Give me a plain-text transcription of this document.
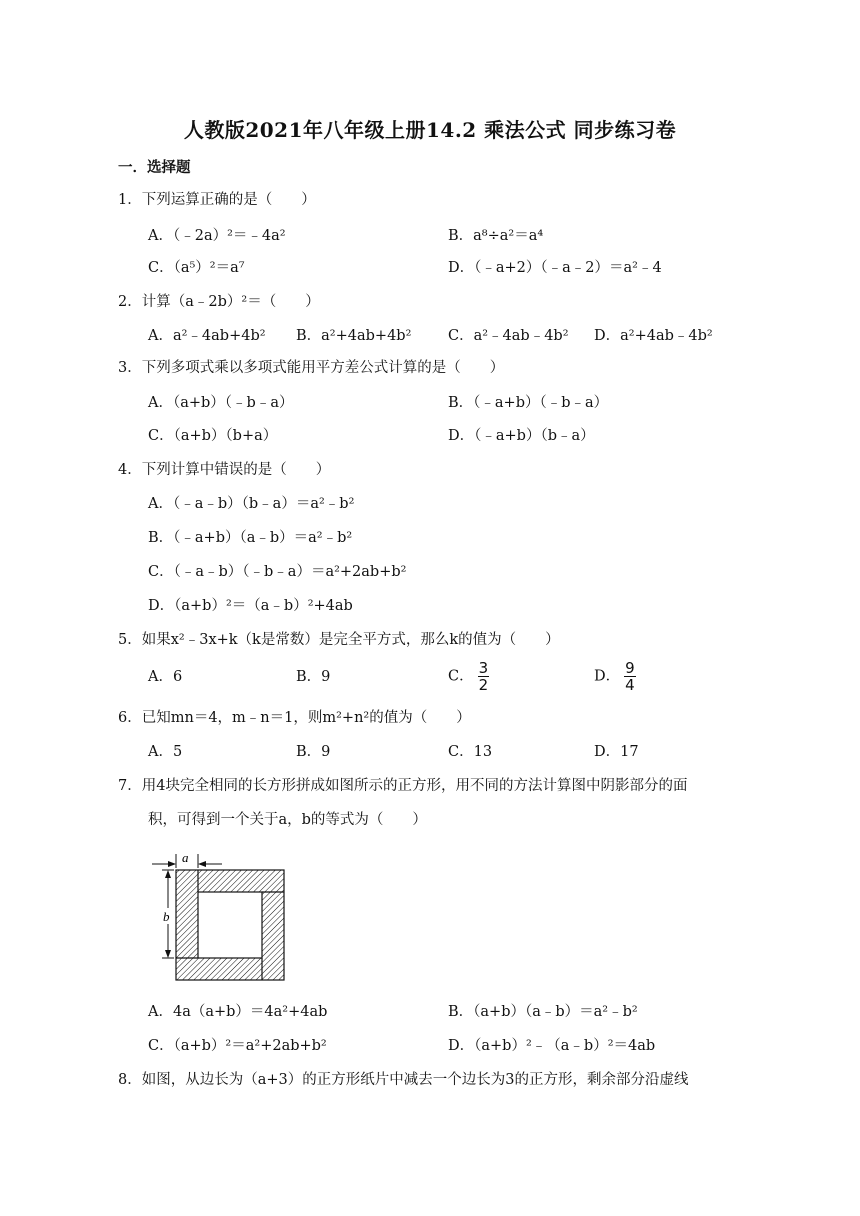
人教版2021年八年级上册14.2 乘法公式 同步练习卷
一．选择题
1．下列运算正确的是（　　）
A．（﹣2a）²＝﹣4a²	B．a⁸÷a²＝a⁴
C．（a⁵）²＝a⁷	D．（﹣a+2）（﹣a﹣2）＝a²﹣4
2．计算（a﹣2b）²＝（　　）
A．a²﹣4ab+4b² B．a²+4ab+4b²	C．a²﹣4ab﹣4b² D．a²+4ab﹣4b²
3．下列多项式乘以多项式能用平方差公式计算的是（　　）
A．（a+b）（﹣b﹣a）	B．（﹣a+b）（﹣b﹣a）
C．（a+b）（b+a）	D．（﹣a+b）（b﹣a）
4．下列计算中错误的是（　　）
A．（﹣a﹣b）（b﹣a）＝a²﹣b²
B．（﹣a+b）（a﹣b）＝a²﹣b²
C．（﹣a﹣b）（﹣b﹣a）＝a²+2ab+b²
D．（a+b）²＝（a﹣b）²+4ab
5．如果x²﹣3x+k（k是常数）是完全平方式，那么k的值为（　　）
A．6	B．9	C． $\frac{3}{2}$	D． $\frac{9}{4}$
6．已知mn＝4，m﹣n＝1，则m²+n²的值为（　　）
A．5	B．9	C．13	D．17
7．用4块完全相同的长方形拼成如图所示的正方形，用不同的方法计算图中阴影部分的面
积，可得到一个关于a，b的等式为（　　）
a
b
A．4a（a+b）＝4a²+4ab	B．（a+b）（a﹣b）＝a²﹣b²
C．（a+b）²＝a²+2ab+b²	D．（a+b）²﹣（a﹣b）²＝4ab
8．如图，从边长为（a+3）的正方形纸片中减去一个边长为3的正方形，剩余部分沿虚线
